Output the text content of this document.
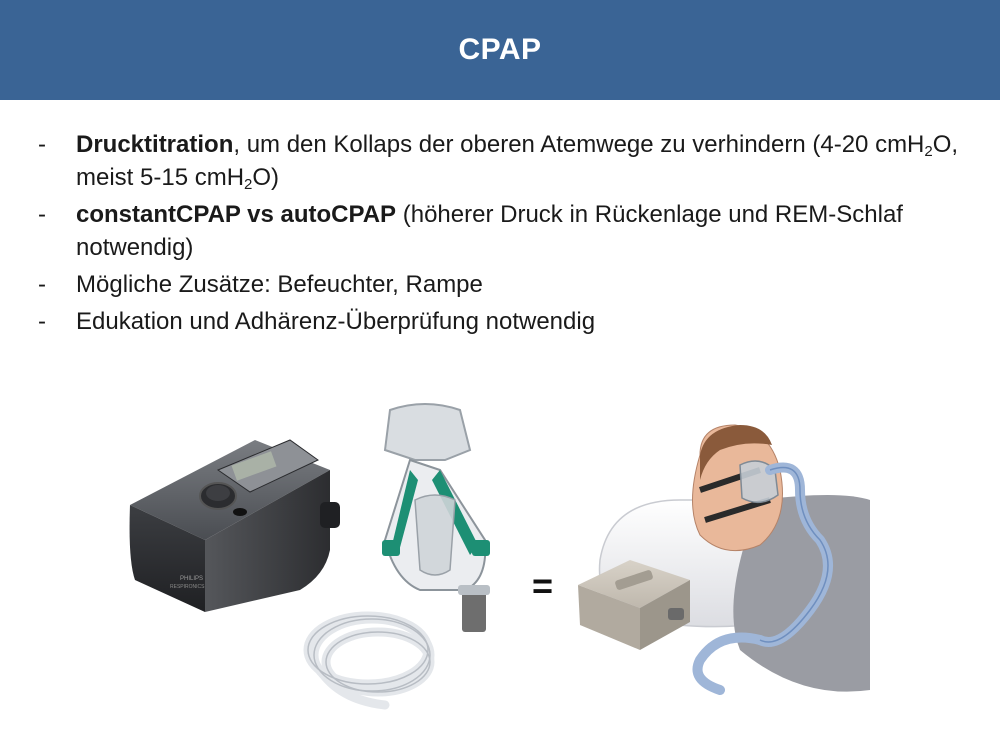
CPAP
- Drucktitration, um den Kollaps der oberen Atemwege zu verhindern (4-20 cmH$_2$O, meist 5-15 cmH$_2$O)
- constantCPAP vs autoCPAP (höherer Druck in Rückenlage und REM-Schlaf notwendig)
- Mögliche Zusätze: Befeuchter, Rampe
- Edukation und Adhärenz-Überprüfung notwendig
PHILIPS
RESPIRONICS	=
